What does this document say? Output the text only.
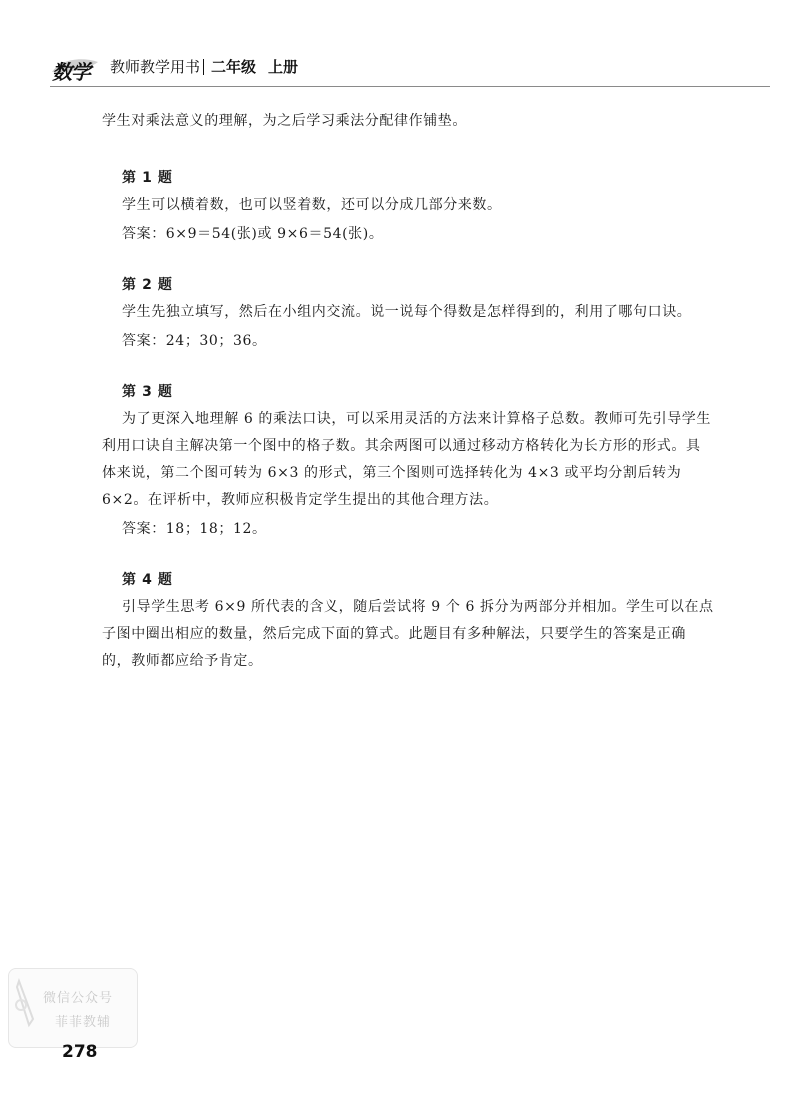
数学 教师教学用书 二年级 上册

学生对乘法意义的理解，为之后学习乘法分配律作铺垫。

第 1 题

学生可以横着数，也可以竖着数，还可以分成几部分来数。

答案：6×9＝54(张)或 9×6＝54(张)。

第 2 题

学生先独立填写，然后在小组内交流。说一说每个得数是怎样得到的，利用了哪句口诀。

答案：24；30；36。

第 3 题

为了更深入地理解 6 的乘法口诀，可以采用灵活的方法来计算格子总数。教师可先引导学生利用口诀自主解决第一个图中的格子数。其余两图可以通过移动方格转化为长方形的形式。具体来说，第二个图可转为 6×3 的形式，第三个图则可选择转化为 4×3 或平均分割后转为 6×2。在评析中，教师应积极肯定学生提出的其他合理方法。

答案：18；18；12。

第 4 题

引导学生思考 6×9 所代表的含义，随后尝试将 9 个 6 拆分为两部分并相加。学生可以在点子图中圈出相应的数量，然后完成下面的算式。此题目有多种解法，只要学生的答案是正确的，教师都应给予肯定。

微信公众号
菲菲教辅
278
